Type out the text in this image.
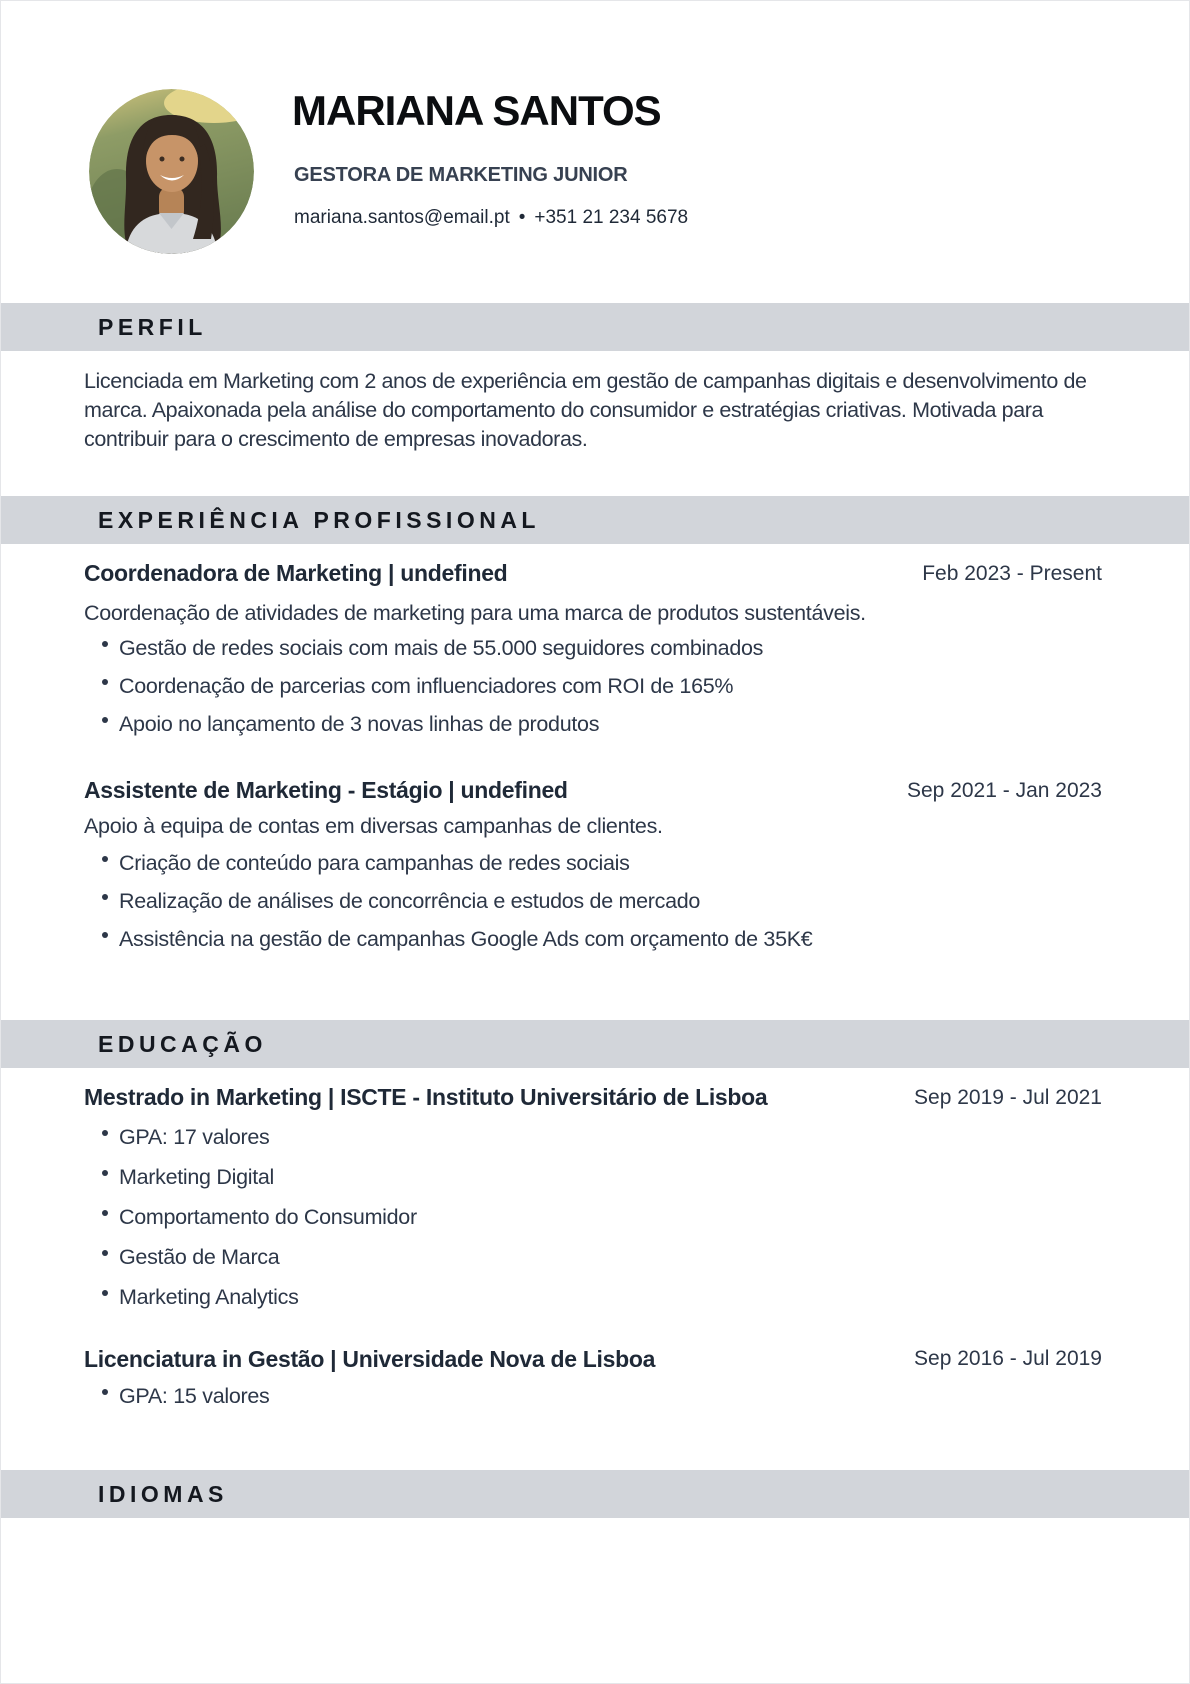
MARIANA SANTOS
GESTORA DE MARKETING JUNIOR
mariana.santos@email.pt • +351 21 234 5678
PERFIL

Licenciada em Marketing com 2 anos de experiência em gestão de campanhas digitais e desenvolvimento de marca. Apaixonada pela análise do comportamento do consumidor e estratégias criativas. Motivada para contribuir para o crescimento de empresas inovadoras.

EXPERIÊNCIA PROFISSIONAL
Coordenadora de Marketing | undefined	Feb 2023 - Present
Coordenação de atividades de marketing para uma marca de produtos sustentáveis.
Gestão de redes sociais com mais de 55.000 seguidores combinados
Coordenação de parcerias com influenciadores com ROI de 165%
Apoio no lançamento de 3 novas linhas de produtos
Assistente de Marketing - Estágio | undefined	Sep 2021 - Jan 2023
Apoio à equipa de contas em diversas campanhas de clientes.
Criação de conteúdo para campanhas de redes sociais
Realização de análises de concorrência e estudos de mercado
Assistência na gestão de campanhas Google Ads com orçamento de 35K€
EDUCAÇÃO
Mestrado in Marketing | ISCTE - Instituto Universitário de Lisboa	Sep 2019 - Jul 2021
GPA: 17 valores
Marketing Digital
Comportamento do Consumidor
Gestão de Marca
Marketing Analytics
Licenciatura in Gestão | Universidade Nova de Lisboa	Sep 2016 - Jul 2019
GPA: 15 valores
IDIOMAS
